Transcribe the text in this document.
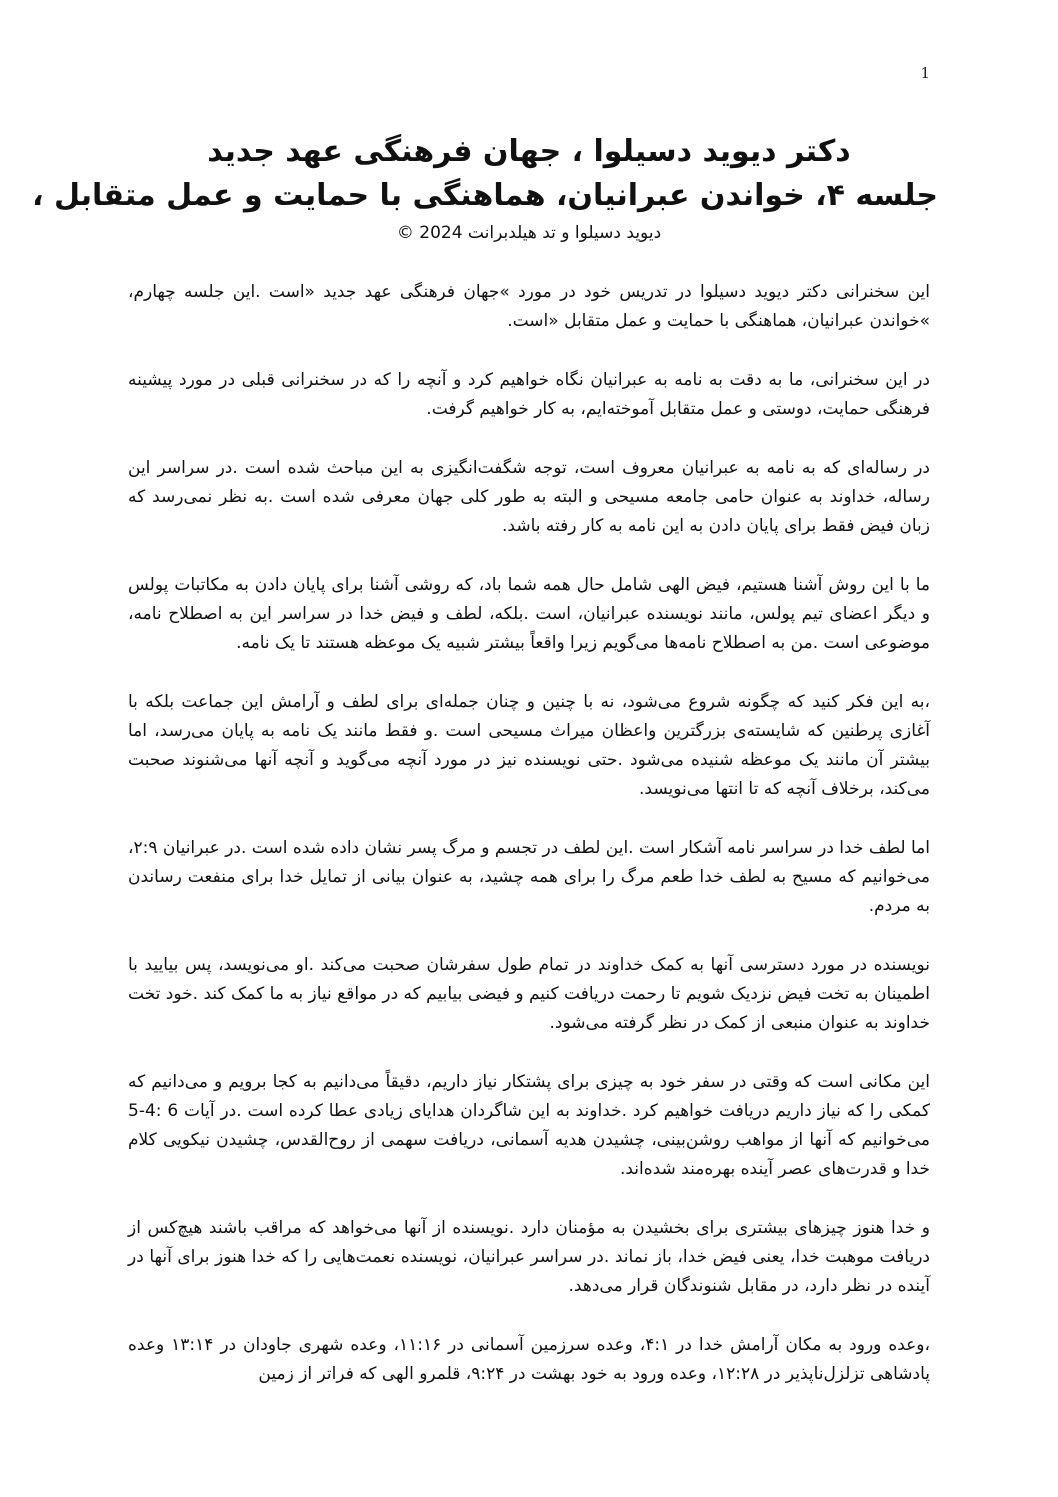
1
دکتر دیوید دسیلوا ، جهان فرهنگی عهد جدید
جلسه ۴، خواندن عبرانیان، هماهنگی با حمایت و عمل متقابل ،
دیوید دسیلوا و تد هیلدبرانت 2024 ©

این سخنرانی دکتر دیوید دسیلوا در تدریس خود در مورد »جهان فرهنگی عهد جدید «است .این جلسه چهارم، »خواندن عبرانیان، هماهنگی با حمایت و عمل متقابل «است.

در این سخنرانی، ما به دقت به نامه به عبرانیان نگاه خواهیم کرد و آنچه را که در سخنرانی قبلی در مورد پیشینه فرهنگی حمایت، دوستی و عمل متقابل آموخته‌ایم، به کار خواهیم گرفت.

در رساله‌ای که به نامه به عبرانیان معروف است، توجه شگفت‌انگیزی به این مباحث شده است .در سراسر این رساله، خداوند به عنوان حامی جامعه مسیحی و البته به طور کلی جهان معرفی شده است .به نظر نمی‌رسد که زبان فیض فقط برای پایان دادن به این نامه به کار رفته باشد.

ما با این روش آشنا هستیم، فیض الهی شامل حال همه شما باد، که روشی آشنا برای پایان دادن به مکاتبات پولس و دیگر اعضای تیم پولس، مانند نویسنده عبرانیان، است .بلکه، لطف و فیض خدا در سراسر این به اصطلاح نامه، موضوعی است .من به اصطلاح نامه‌ها می‌گویم زیرا واقعاً بیشتر شبیه یک موعظه هستند تا یک نامه.

،به این فکر کنید که چگونه شروع می‌شود، نه با چنین و چنان جمله‌ای برای لطف و آرامش این جماعت بلکه با آغازی پرطنین که شایسته‌ی بزرگترین واعظان میراث مسیحی است .و فقط مانند یک نامه به پایان می‌رسد، اما بیشتر آن مانند یک موعظه شنیده می‌شود .حتی نویسنده نیز در مورد آنچه می‌گوید و آنچه آنها می‌شنوند صحبت می‌کند، برخلاف آنچه که تا انتها می‌نویسد.

اما لطف خدا در سراسر نامه آشکار است .این لطف در تجسم و مرگ پسر نشان داده شده است .در عبرانیان ۲:۹، می‌خوانیم که مسیح به لطف خدا طعم مرگ را برای همه چشید، به عنوان بیانی از تمایل خدا برای منفعت رساندن به مردم.

نویسنده در مورد دسترسی آنها به کمک خداوند در تمام طول سفرشان صحبت می‌کند .او می‌نویسد، پس بیایید با اطمینان به تخت فیض نزدیک شویم تا رحمت دریافت کنیم و فیضی بیابیم که در مواقع نیاز به ما کمک کند .خود تخت خداوند به عنوان منبعی از کمک در نظر گرفته می‌شود.

این مکانی است که وقتی در سفر خود به چیزی برای پشتکار نیاز داریم، دقیقاً می‌دانیم به کجا برویم و می‌دانیم که کمکی را که نیاز داریم دریافت خواهیم کرد .خداوند به این شاگردان هدایای زیادی عطا کرده است .در آیات 6 :4-5 می‌خوانیم که آنها از مواهب روشن‌بینی، چشیدن هدیه آسمانی، دریافت سهمی از روح‌القدس، چشیدن نیکویی کلام خدا و قدرت‌های عصر آینده بهره‌مند شده‌اند.

و خدا هنوز چیزهای بیشتری برای بخشیدن به مؤمنان دارد .نویسنده از آنها می‌خواهد که مراقب باشند هیچ‌کس از دریافت موهبت خدا، یعنی فیض خدا، باز نماند .در سراسر عبرانیان، نویسنده نعمت‌هایی را که خدا هنوز برای آنها در آینده در نظر دارد، در مقابل شنوندگان قرار می‌دهد.

،وعده ورود به مکان آرامش خدا در ۴:۱، وعده سرزمین آسمانی در ۱۱:۱۶، وعده شهری جاودان در ۱۳:۱۴ وعده پادشاهی تزلزل‌ناپذیر در ۱۲:۲۸، وعده ورود به خود بهشت در ۹:۲۴، قلمرو الهی که فراتر از زمین
